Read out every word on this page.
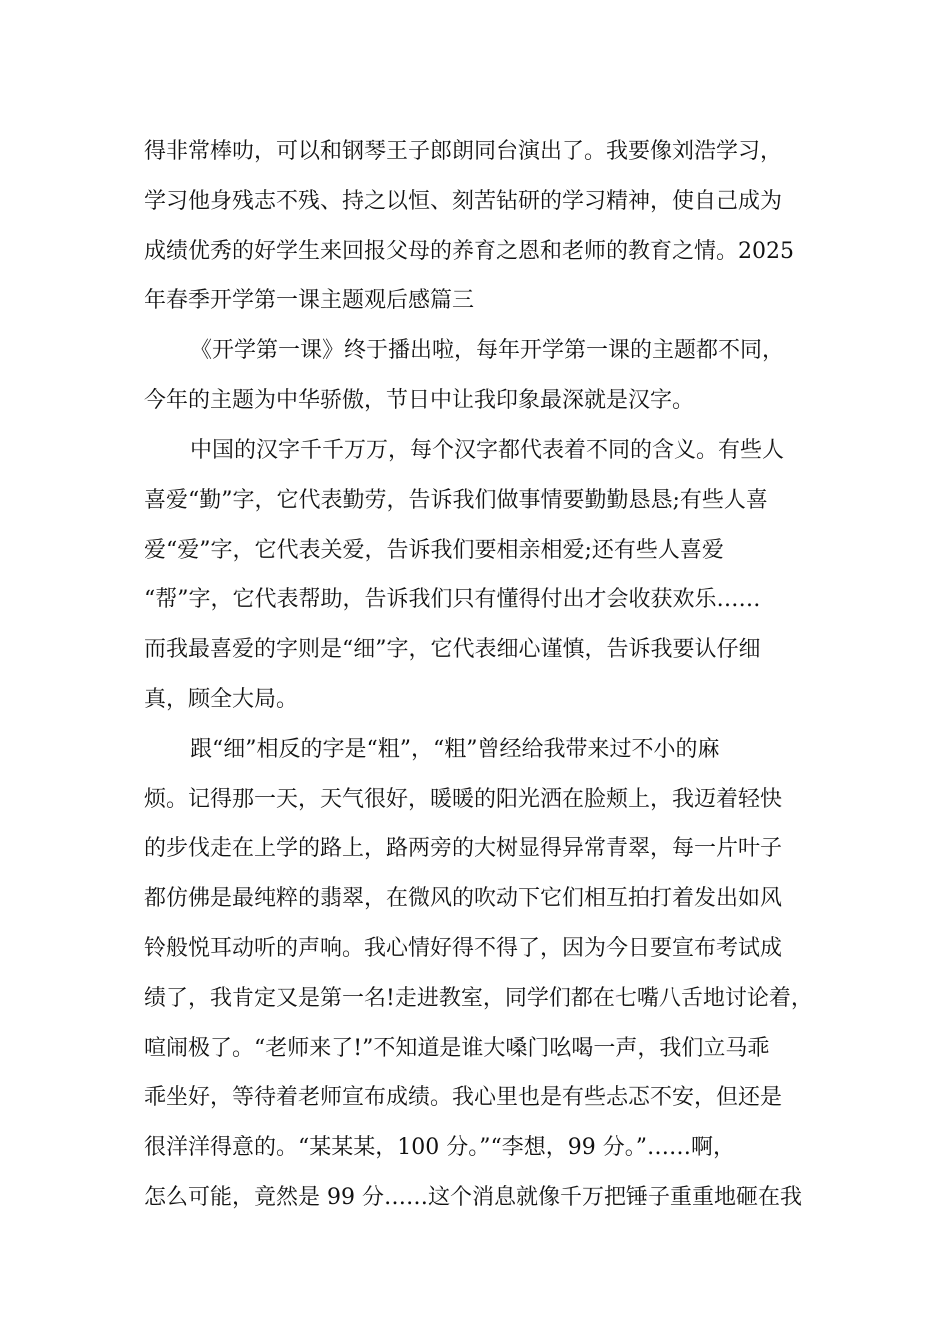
得非常棒叻，可以和钢琴王子郎朗同台演出了。我要像刘浩学习，
学习他身残志不残、持之以恒、刻苦钻研的学习精神，使自己成为
成绩优秀的好学生来回报父母的养育之恩和老师的教育之情。2025
年春季开学第一课主题观后感篇三
《开学第一课》终于播出啦，每年开学第一课的主题都不同，
今年的主题为中华骄傲，节日中让我印象最深就是汉字。
中国的汉字千千万万，每个汉字都代表着不同的含义。有些人
喜爱“勤”字，它代表勤劳，告诉我们做事情要勤勤恳恳;有些人喜
爱“爱”字，它代表关爱，告诉我们要相亲相爱;还有些人喜爱
“帮”字，它代表帮助，告诉我们只有懂得付出才会收获欢乐……
而我最喜爱的字则是“细”字，它代表细心谨慎，告诉我要认仔细
真，顾全大局。
跟“细”相反的字是“粗”，“粗”曾经给我带来过不小的麻
烦。记得那一天，天气很好，暖暖的阳光洒在脸颊上，我迈着轻快
的步伐走在上学的路上，路两旁的大树显得异常青翠，每一片叶子
都仿佛是最纯粹的翡翠，在微风的吹动下它们相互拍打着发出如风
铃般悦耳动听的声响。我心情好得不得了，因为今日要宣布考试成
绩了，我肯定又是第一名!走进教室，同学们都在七嘴八舌地讨论着，
喧闹极了。“老师来了!”不知道是谁大嗓门吆喝一声，我们立马乖
乖坐好，等待着老师宣布成绩。我心里也是有些忐忑不安，但还是
很洋洋得意的。“某某某，100 分。”“李想，99 分。”……啊，
怎么可能，竟然是 99 分……这个消息就像千万把锤子重重地砸在我
